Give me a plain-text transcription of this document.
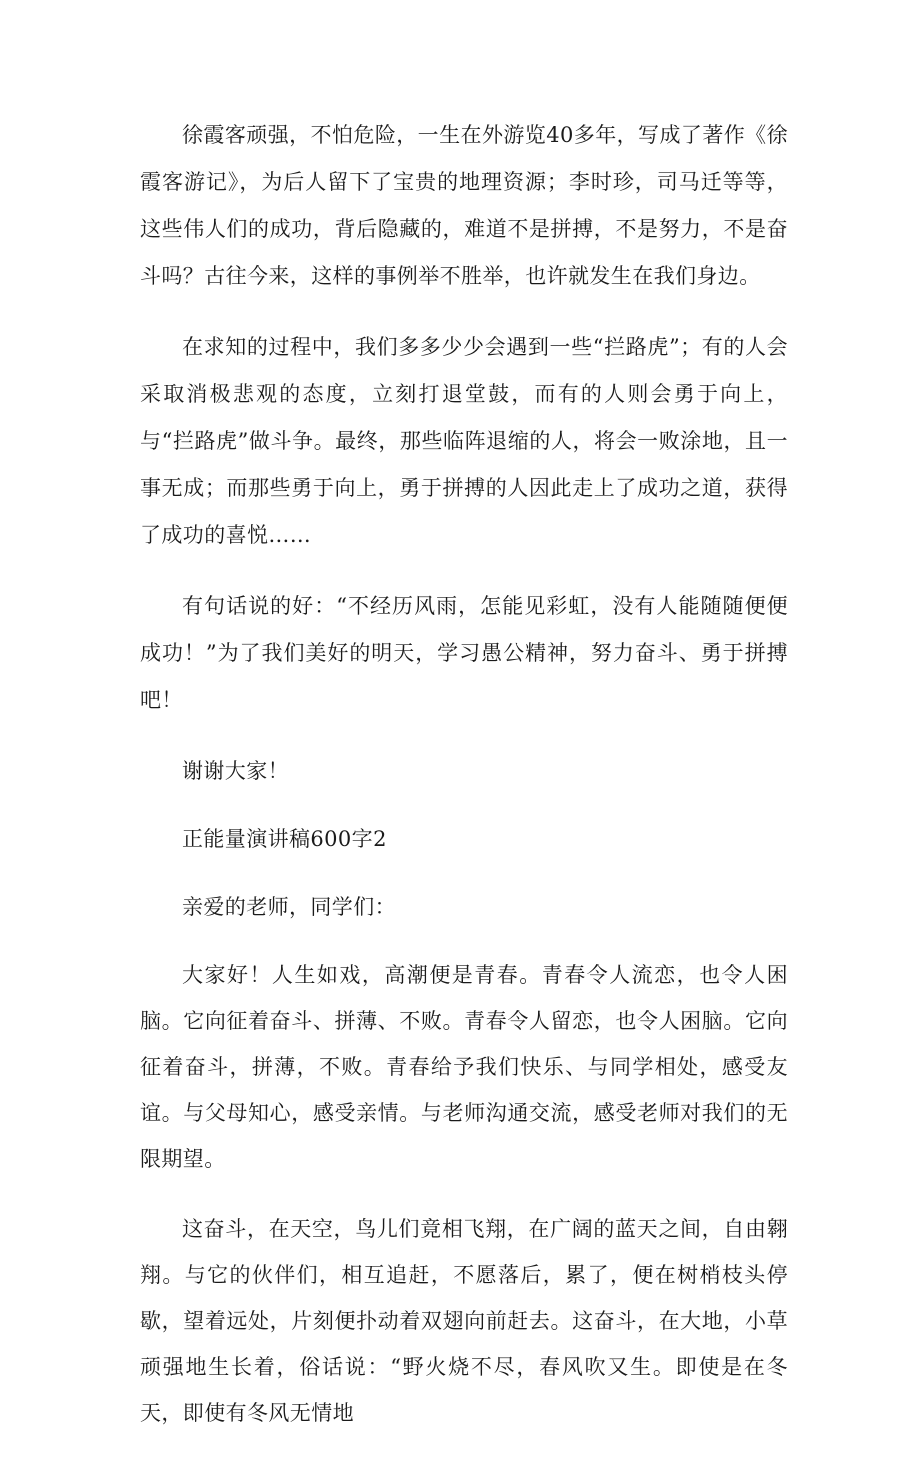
徐霞客顽强，不怕危险，一生在外游览40多年，写成了著作《徐霞客游记》，为后人留下了宝贵的地理资源；李时珍，司马迁等等，这些伟人们的成功，背后隐藏的，难道不是拼搏，不是努力，不是奋斗吗？古往今来，这样的事例举不胜举，也许就发生在我们身边。

在求知的过程中，我们多多少少会遇到一些“拦路虎”；有的人会采取消极悲观的态度，立刻打退堂鼓，而有的人则会勇于向上，与“拦路虎”做斗争。最终，那些临阵退缩的人，将会一败涂地，且一事无成；而那些勇于向上，勇于拼搏的人因此走上了成功之道，获得了成功的喜悦……

有句话说的好：“不经历风雨，怎能见彩虹，没有人能随随便便成功！”为了我们美好的明天，学习愚公精神，努力奋斗、勇于拼搏吧！

谢谢大家！

正能量演讲稿600字2

亲爱的老师，同学们：

大家好！人生如戏，高潮便是青春。青春令人流恋，也令人困脑。它向征着奋斗、拼薄、不败。青春令人留恋，也令人困脑。它向征着奋斗，拼薄，不败。青春给予我们快乐、与同学相处，感受友谊。与父母知心，感受亲情。与老师沟通交流，感受老师对我们的无限期望。

这奋斗，在天空，鸟儿们竟相飞翔，在广阔的蓝天之间，自由翱翔。与它的伙伴们，相互追赶，不愿落后，累了，便在树梢枝头停歇，望着远处，片刻便扑动着双翅向前赶去。这奋斗，在大地，小草顽强地生长着，俗话说：“野火烧不尽，春风吹又生。即使是在冬天，即使有冬风无情地
